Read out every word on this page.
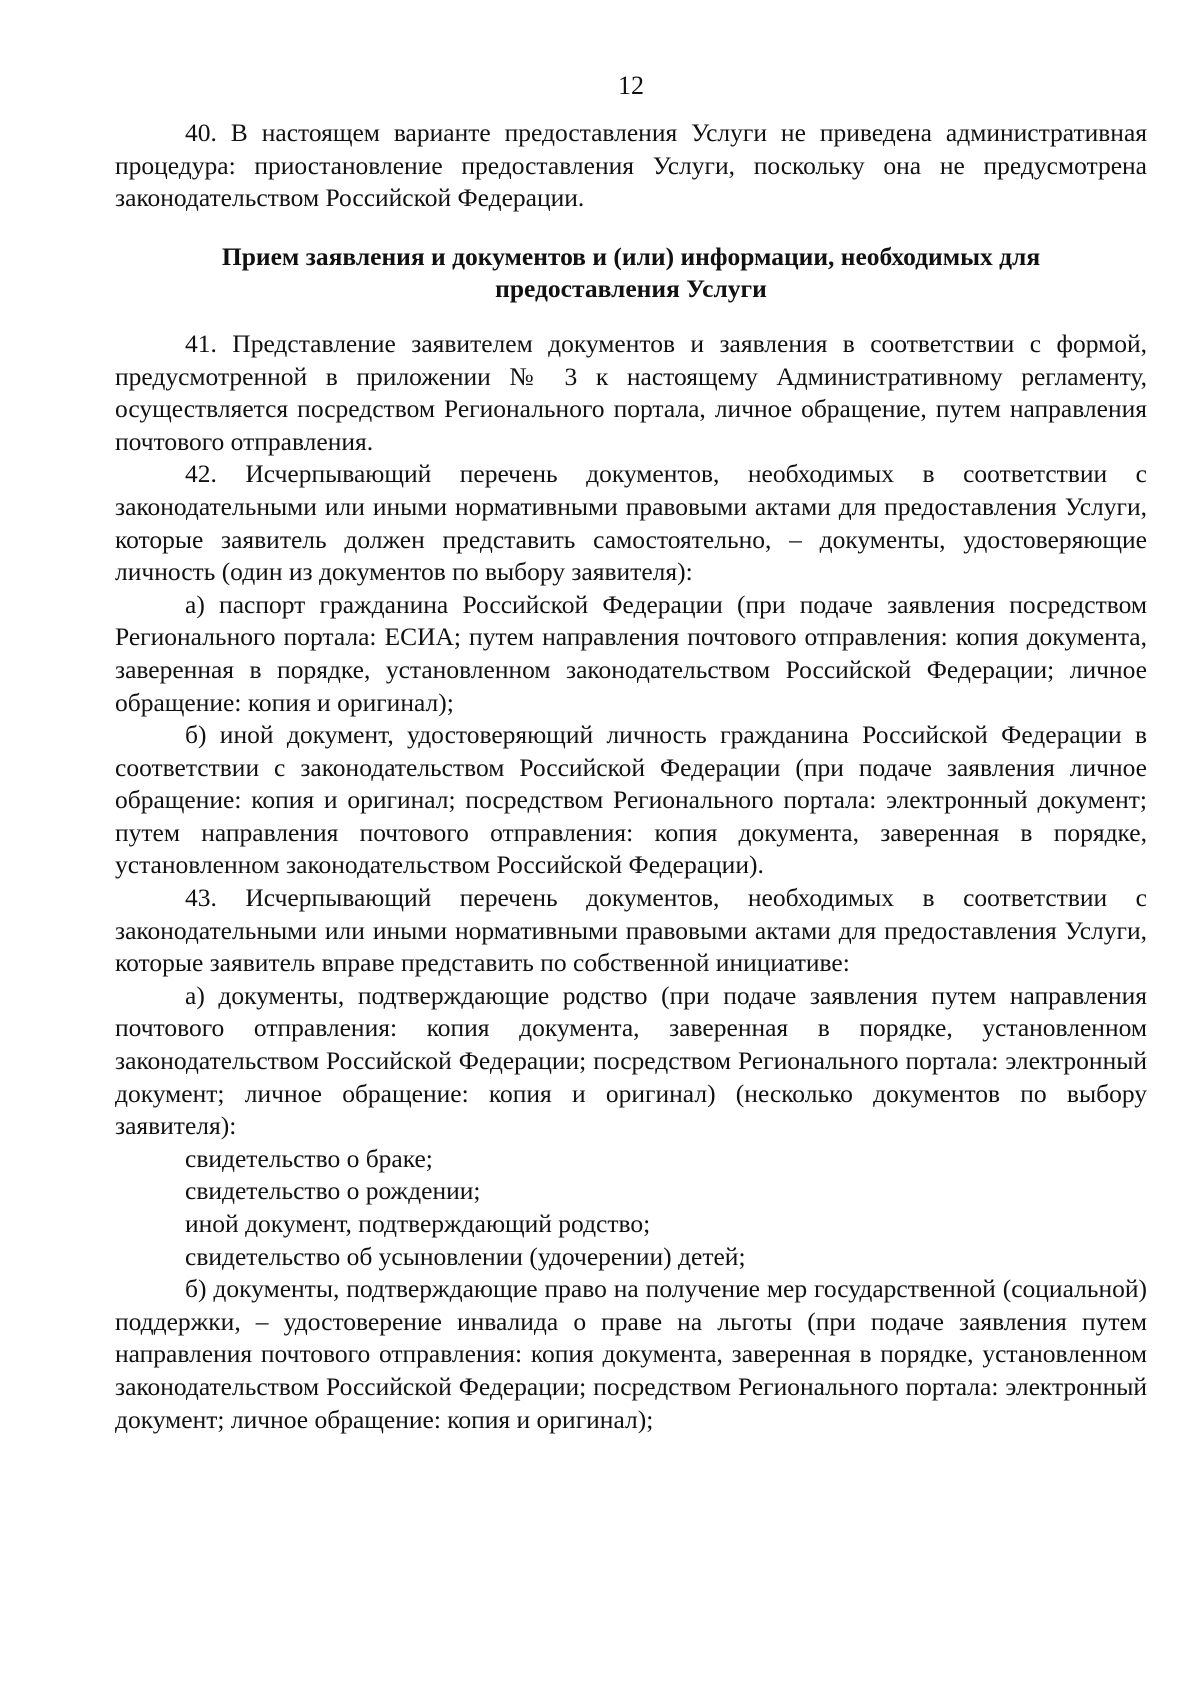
12

40. В настоящем варианте предоставления Услуги не приведена административная процедура: приостановление предоставления Услуги, поскольку она не предусмотрена законодательством Российской Федерации.

Прием заявления и документов и (или) информации, необходимых для предоставления Услуги

41. Представление заявителем документов и заявления в соответствии с формой, предусмотренной в приложении № 3 к настоящему Административному регламенту, осуществляется посредством Регионального портала, личное обращение, путем направления почтового отправления.

42. Исчерпывающий перечень документов, необходимых в соответствии с законодательными или иными нормативными правовыми актами для предоставления Услуги, которые заявитель должен представить самостоятельно, – документы, удостоверяющие личность (один из документов по выбору заявителя):

а) паспорт гражданина Российской Федерации (при подаче заявления посредством Регионального портала: ЕСИА; путем направления почтового отправления: копия документа, заверенная в порядке, установленном законодательством Российской Федерации; личное обращение: копия и оригинал);

б) иной документ, удостоверяющий личность гражданина Российской Федерации в соответствии с законодательством Российской Федерации (при подаче заявления личное обращение: копия и оригинал; посредством Регионального портала: электронный документ; путем направления почтового отправления: копия документа, заверенная в порядке, установленном законодательством Российской Федерации).

43. Исчерпывающий перечень документов, необходимых в соответствии с законодательными или иными нормативными правовыми актами для предоставления Услуги, которые заявитель вправе представить по собственной инициативе:

а) документы, подтверждающие родство (при подаче заявления путем направления почтового отправления: копия документа, заверенная в порядке, установленном законодательством Российской Федерации; посредством Регионального портала: электронный документ; личное обращение: копия и оригинал) (несколько документов по выбору заявителя):

свидетельство о браке;

свидетельство о рождении;

иной документ, подтверждающий родство;

свидетельство об усыновлении (удочерении) детей;

б) документы, подтверждающие право на получение мер государственной (социальной) поддержки, – удостоверение инвалида о праве на льготы (при подаче заявления путем направления почтового отправления: копия документа, заверенная в порядке, установленном законодательством Российской Федерации; посредством Регионального портала: электронный документ; личное обращение: копия и оригинал);
